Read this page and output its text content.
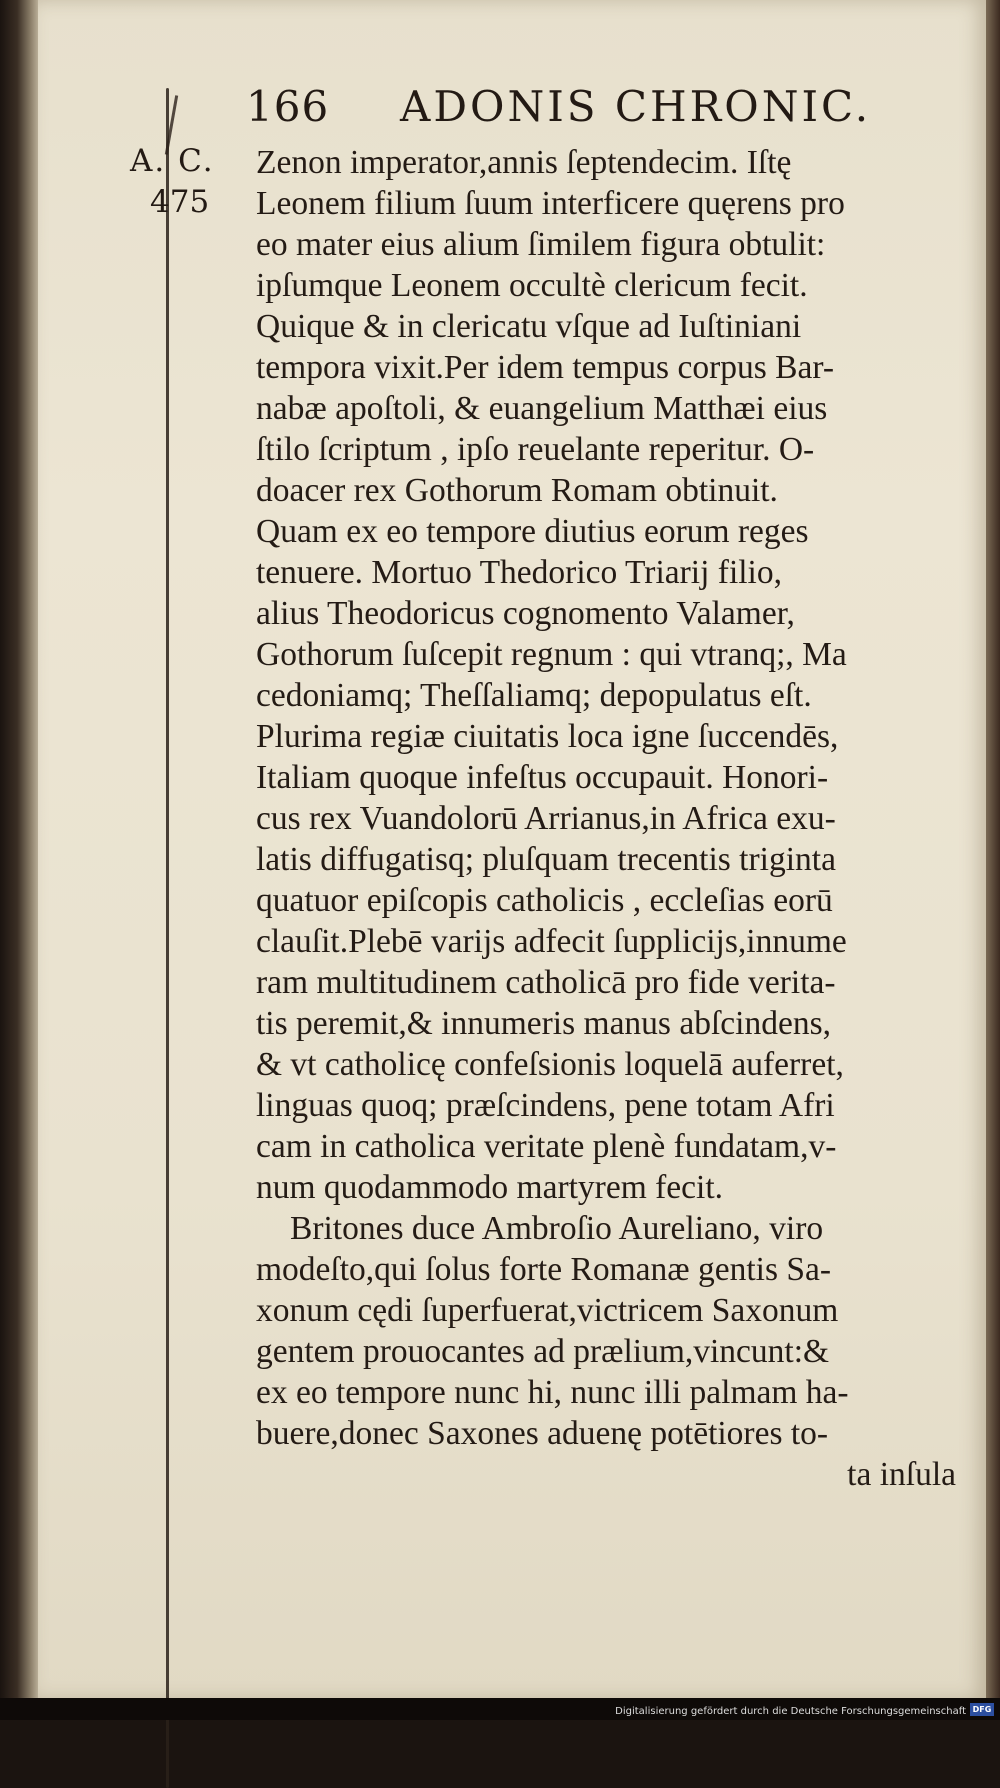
166 ADONIS CHRONIC.
A. C.
475
Zenon imperator,annis ſeptendecim. Iſtę
Leonem filium ſuum interficere quęrens pro
eo mater eius alium ſimilem figura obtulit:
ipſumque Leonem occultè clericum fecit.
Quique & in clericatu vſque ad Iuſtiniani
tempora vixit.Per idem tempus corpus Bar-
nabæ apoſtoli, & euangelium Matthæi eius
ſtilo ſcriptum , ipſo reuelante reperitur. O-
doacer rex Gothorum Romam obtinuit.
Quam ex eo tempore diutius eorum reges
tenuere. Mortuo Thedorico Triarij filio,
alius Theodoricus cognomento Valamer,
Gothorum ſuſcepit regnum : qui vtranq;, Ma
cedoniamq; Theſſaliamq; depopulatus eſt.
Plurima regiæ ciuitatis loca igne ſuccendēs,
Italiam quoque infeſtus occupauit. Honori-
cus rex Vuandolorū Arrianus,in Africa exu-
latis diffugatisq; pluſquam trecentis triginta
quatuor epiſcopis catholicis , eccleſias eorū
clauſit.Plebē varijs adfecit ſupplicijs,innume
ram multitudinem catholicā pro fide verita-
tis peremit,& innumeris manus abſcindens,
& vt catholicę confeſsionis loquelā auferret,
linguas quoq; præſcindens, pene totam Afri
cam in catholica veritate plenè fundatam,v-
num quodammodo martyrem fecit.
Britones duce Ambroſio Aureliano, viro
modeſto,qui ſolus forte Romanæ gentis Sa-
xonum cędi ſuperfuerat,victricem Saxonum
gentem prouocantes ad prælium,vincunt:&
ex eo tempore nunc hi, nunc illi palmam ha-
buere,donec Saxones aduenę potētiores to-
ta inſula
Digitalisierung gefördert durch die Deutsche Forschungsgemeinschaft DFG
